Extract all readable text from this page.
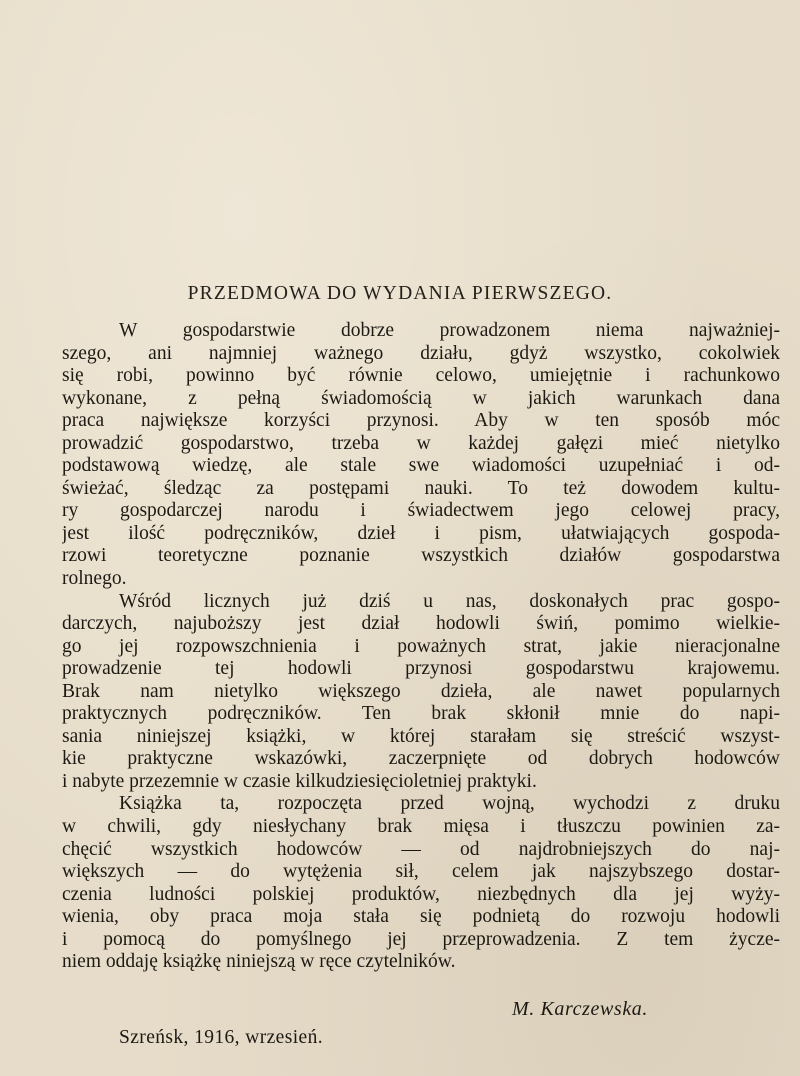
PRZEDMOWA DO WYDANIA PIERWSZEGO.
W gospodarstwie dobrze prowadzonem niema najważniej-
szego, ani najmniej ważnego działu, gdyż wszystko, cokolwiek
się robi, powinno być równie celowo, umiejętnie i rachunkowo
wykonane, z pełną świadomością w jakich warunkach dana
praca największe korzyści przynosi. Aby w ten sposób móc
prowadzić gospodarstwo, trzeba w każdej gałęzi mieć nietylko
podstawową wiedzę, ale stale swe wiadomości uzupełniać i od-
świeżać, śledząc za postępami nauki. To też dowodem kultu-
ry gospodarczej narodu i świadectwem jego celowej pracy,
jest ilość podręczników, dzieł i pism, ułatwiających gospoda-
rzowi teoretyczne poznanie wszystkich działów gospodarstwa
rolnego.
Wśród licznych już dziś u nas, doskonałych prac gospo-
darczych, najuboższy jest dział hodowli świń, pomimo wielkie-
go jej rozpowszchnienia i poważnych strat, jakie nieracjonalne
prowadzenie tej hodowli przynosi gospodarstwu krajowemu.
Brak nam nietylko większego dzieła, ale nawet popularnych
praktycznych podręczników. Ten brak skłonił mnie do napi-
sania niniejszej książki, w której starałam się streścić wszyst-
kie praktyczne wskazówki, zaczerpnięte od dobrych hodowców
i nabyte przezemnie w czasie kilkudziesięcioletniej praktyki.
Książka ta, rozpoczęta przed wojną, wychodzi z druku
w chwili, gdy niesłychany brak mięsa i tłuszczu powinien za-
chęcić wszystkich hodowców — od najdrobniejszych do naj-
większych — do wytężenia sił, celem jak najszybszego dostar-
czenia ludności polskiej produktów, niezbędnych dla jej wyży-
wienia, oby praca moja stała się podnietą do rozwoju hodowli
i pomocą do pomyślnego jej przeprowadzenia. Z tem życze-
niem oddaję książkę niniejszą w ręce czytelników.
M. Karczewska.
Szreńsk, 1916, wrzesień.
